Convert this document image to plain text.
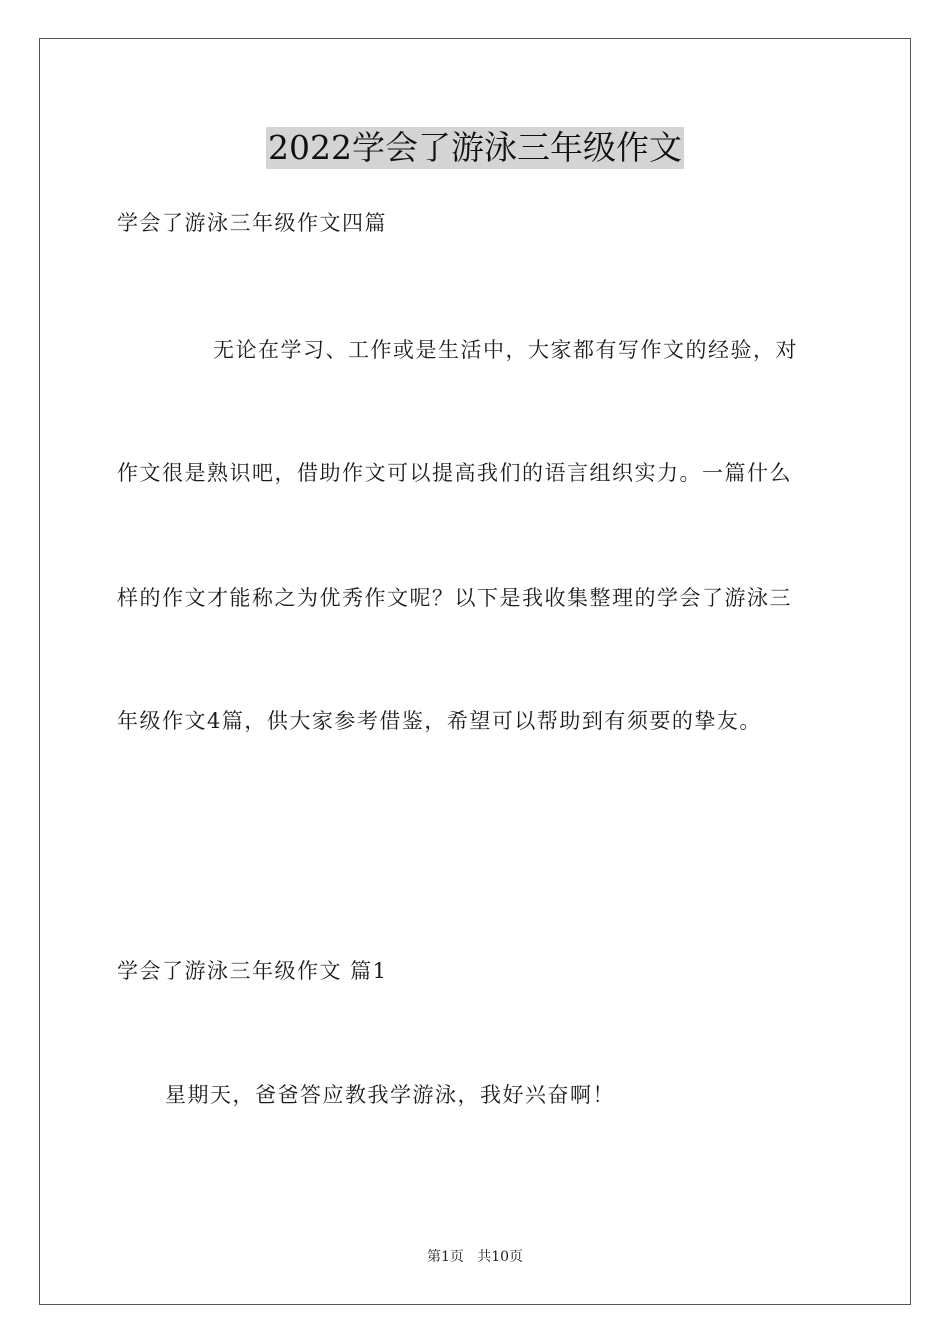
2022学会了游泳三年级作文
学会了游泳三年级作文四篇
无论在学习、工作或是生活中，大家都有写作文的经验，对
作文很是熟识吧，借助作文可以提高我们的语言组织实力。一篇什么
样的作文才能称之为优秀作文呢？以下是我收集整理的学会了游泳三
年级作文4篇，供大家参考借鉴，希望可以帮助到有须要的挚友。
学会了游泳三年级作文 篇1
星期天，爸爸答应教我学游泳，我好兴奋啊！
第1页   共10页
